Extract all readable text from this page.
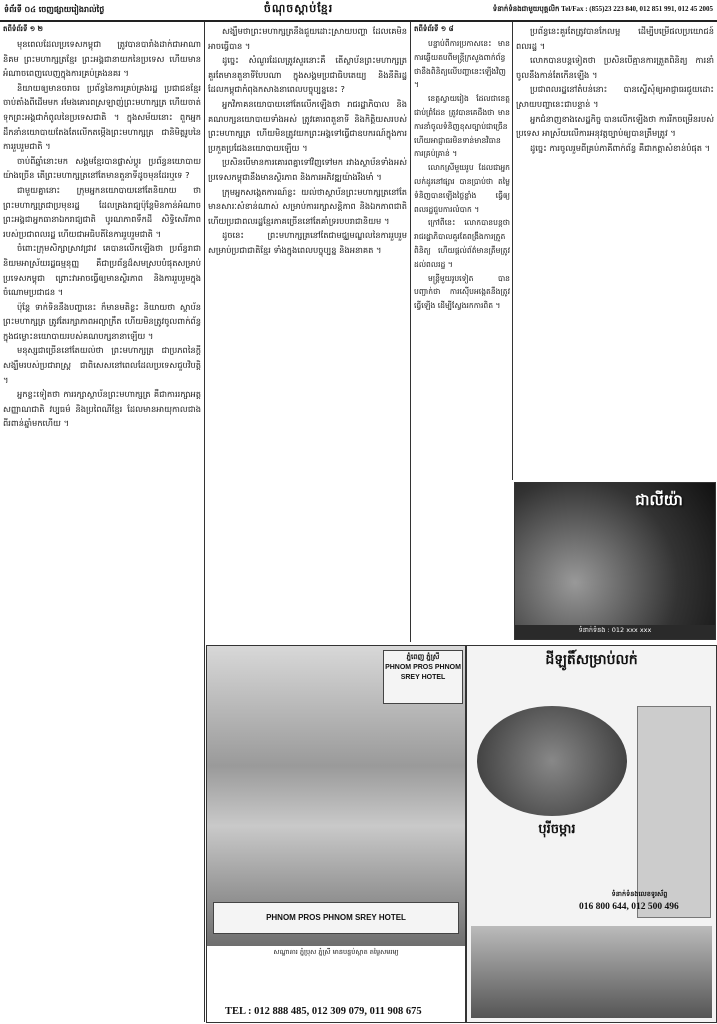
ទំព័រទី ០៤ ចេញផ្សាយរៀងរាល់ថ្ងៃ	ចំណុចស្ដាប់ខ្មែរ	ទំនាក់ទំនងជាមួយបុគ្គលិក Tel/Fax : (855)23 223 840, 012 851 991, 012 45 2005
តពីទំព័រទី ១ ២

មុនពេលដែលប្រទេសកម្ពុជា ត្រូវបានបារាំងដាក់ជាអាណានិគម ព្រះមហាក្សត្រខ្មែរ ព្រះអង្គជានាយកនៃប្រទេស ហើយមានអំណាចពេញលេញក្នុងការគ្រប់គ្រងនគរ ។

និយាយឲ្យមានចរាចរ ប្រព័ន្ធនៃការគ្រប់គ្រងរដ្ឋ ប្រជាជនខ្មែរចាប់តាំងពីដើមមក រមែងគោរពស្រឡាញ់ព្រះមហាក្សត្រ ហើយចាត់ទុកព្រះអង្គជាកំពូលនៃប្រទេសជាតិ ។ ក្នុងសម័យនោះ ពួកអ្នកដឹកនាំនយោបាយតែងតែលើកតម្កើងព្រះមហាក្សត្រ ជានិមិត្តរូបនៃការរួបរួមជាតិ ។

ចាប់ពីឆ្នាំនោះមក សង្គមខ្មែរបានផ្លាស់ប្តូរ ប្រព័ន្ធនយោបាយយ៉ាងច្រើន តើព្រះមហាក្សត្រនៅតែមានតួនាទីដូចមុនដែរឬទេ ?

ជាមួយគ្នានោះ ក្រុមអ្នកនយោបាយនៅតែនិយាយ ថាព្រះមហាក្សត្រជាប្រមុខរដ្ឋ ដែលគ្រងរាជ្យប៉ុន្តែមិនកាន់អំណាច ព្រះអង្គជាអ្នកធានាឯករាជ្យជាតិ បូរណភាពទឹកដី សិទ្ធិសេរីភាពរបស់ប្រជាពលរដ្ឋ ហើយជាអធិបតីនៃការរួបរួមជាតិ ។

ចំពោះក្រុមសិក្សាស្រាវជ្រាវ គេបានលើកឡើងថា ប្រព័ន្ធរាជានិយមអាស្រ័យរដ្ឋធម្មនុញ្ញ គឺជាប្រព័ន្ធដ៏សមស្របបំផុតសម្រាប់ប្រទេសកម្ពុជា ព្រោះវាអាចធ្វើឲ្យមានស្ថិរភាព និងការរួបរួមក្នុងចំណោមប្រជាជន ។

ប៉ុន្តែ ទាក់ទិននឹងបញ្ហានេះ ក៏មានមតិខ្លះ និយាយថា ស្ថាប័នព្រះមហាក្សត្រ ត្រូវតែរក្សាភាពអព្យាក្រឹត ហើយមិនត្រូវចូលពាក់ព័ន្ធក្នុងជម្លោះនយោបាយរបស់គណបក្សនានាឡើយ ។

មនុស្សជាច្រើននៅតែយល់ថា ព្រះមហាក្សត្រ ជាប្រភពនៃក្តីសង្ឃឹមរបស់ប្រជារាស្ត្រ ជាពិសេសនៅពេលដែលប្រទេសជួបវិបត្តិ ។

អ្នកខ្លះទៀតថា ការរក្សាស្ថាប័នព្រះមហាក្សត្រ គឺជាការរក្សាអត្តសញ្ញាណជាតិ វប្បធម៌ និងប្រពៃណីខ្មែរ ដែលមានអាយុកាលជាងពីរពាន់ឆ្នាំមកហើយ ។

សង្ឃឹមថាព្រះមហាក្សត្រនឹងជួយដោះស្រាយបញ្ហា ដែលគេមិនអាចធ្វើបាន ។

ដូច្នេះ សំណួរដែលត្រូវសួរនោះគឺ តើស្ថាប័នព្រះមហាក្សត្រគួរតែមានតួនាទីបែបណា ក្នុងសង្គមប្រជាធិបតេយ្យ និងនីតិរដ្ឋ ដែលកម្ពុជាកំពុងកសាងនាពេលបច្ចុប្បន្ននេះ ?

អ្នកវិភាគនយោបាយនៅតែលើកឡើងថា រាជរដ្ឋាភិបាល និងគណបក្សនយោបាយទាំងអស់ ត្រូវគោរពតួនាទី និងកិត្តិយសរបស់ព្រះមហាក្សត្រ ហើយមិនត្រូវយកព្រះអង្គទៅធ្វើជាឧបករណ៍ក្នុងការប្រកួតប្រជែងនយោបាយឡើយ ។

ប្រសិនបើមានការគោរពគ្នាទៅវិញទៅមក រវាងស្ថាប័នទាំងអស់ ប្រទេសកម្ពុជានឹងមានស្ថិរភាព និងការអភិវឌ្ឍយ៉ាងរឹងមាំ ។

ក្រុមអ្នកសង្កេតការណ៍ខ្លះ យល់ថាស្ថាប័នព្រះមហាក្សត្រនៅតែមានសារៈសំខាន់ណាស់ សម្រាប់ការរក្សាសន្តិភាព និងឯកភាពជាតិ ហើយប្រជាពលរដ្ឋខ្មែរភាគច្រើននៅតែគាំទ្ររបបរាជានិយម ។

ដូចនេះ ព្រះមហាក្សត្រនៅតែជាមជ្ឈមណ្ឌលនៃការរួបរួម សម្រាប់ប្រជាជាតិខ្មែរ ទាំងក្នុងពេលបច្ចុប្បន្ន និងអនាគត ។

តពីទំព័រទី ១ ៨

បន្ទាប់ពីការប្រកាសនេះ មានការឆ្លើយតបពីមន្ត្រីក្រសួងពាក់ព័ន្ធ ថានឹងពិនិត្យលើបញ្ហានេះឡើងវិញ ។

ខេត្តស្វាយរៀង ដែលជាខេត្តជាប់ព្រំដែន ត្រូវបានគេដឹងថា មានការនាំចូលទំនិញខុសច្បាប់ជាច្រើន ហើយអាជ្ញាធរមិនទាន់មានវិធានការគ្រប់គ្រាន់ ។

លោកស្រីមួយរូប ដែលជាអ្នកលក់ដូរនៅផ្សារ បានប្រាប់ថា តម្លៃទំនិញបានឡើងថ្លៃខ្លាំង ធ្វើឲ្យពលរដ្ឋជួបការលំបាក ។

ក្រៅពីនេះ លោកបានបន្តថា រាជរដ្ឋាភិបាលគួរតែពង្រឹងការត្រួតពិនិត្យ ហើយផ្តល់ព័ត៌មានត្រឹមត្រូវដល់ពលរដ្ឋ ។

មន្ត្រីមួយរូបទៀត បានបញ្ជាក់ថា ការស៊ើបអង្កេតនឹងត្រូវធ្វើឡើង ដើម្បីស្វែងរកការពិត ។

ប្រព័ន្ធនេះគួរតែត្រូវបានកែលម្អ ដើម្បីបម្រើផលប្រយោជន៍ពលរដ្ឋ ។

លោកបានបន្តទៀតថា ប្រសិនបើគ្មានការត្រួតពិនិត្យ ការនាំចូលនឹងកាន់តែកើនឡើង ។

ប្រជាពលរដ្ឋនៅតំបន់នោះ បានស្នើសុំឲ្យអាជ្ញាធរជួយដោះស្រាយបញ្ហានេះជាបន្ទាន់ ។

អ្នកជំនាញខាងសេដ្ឋកិច្ច បានលើកឡើងថា ការរីកចម្រើនរបស់ប្រទេស អាស្រ័យលើការអនុវត្តច្បាប់ឲ្យបានត្រឹមត្រូវ ។

ដូច្នេះ ការចូលរួមពីគ្រប់ភាគីពាក់ព័ន្ធ គឺជាកត្តាសំខាន់បំផុត ។

ជាលីយ៉ា
ទំនាក់ទំនង : 012 xxx xxx
ភ្នំពេញ ភ្នំស្រី
PHNOM PROS PHNOM SREY HOTEL
PHNOM PROS PHNOM SREY HOTEL
សណ្ឋាគារ ភ្នំប្រុស ភ្នំស្រី មានបន្ទប់ស្អាត តម្លៃសមរម្យ
TEL : 012 888 485, 012 309 079, 011 908 675
ដីឡូតិ៍សម្រាប់លក់
បុរីចម្ការ
ទំនាក់ទំនងលេខទូរស័ព្ទ
016 800 644, 012 500 496
